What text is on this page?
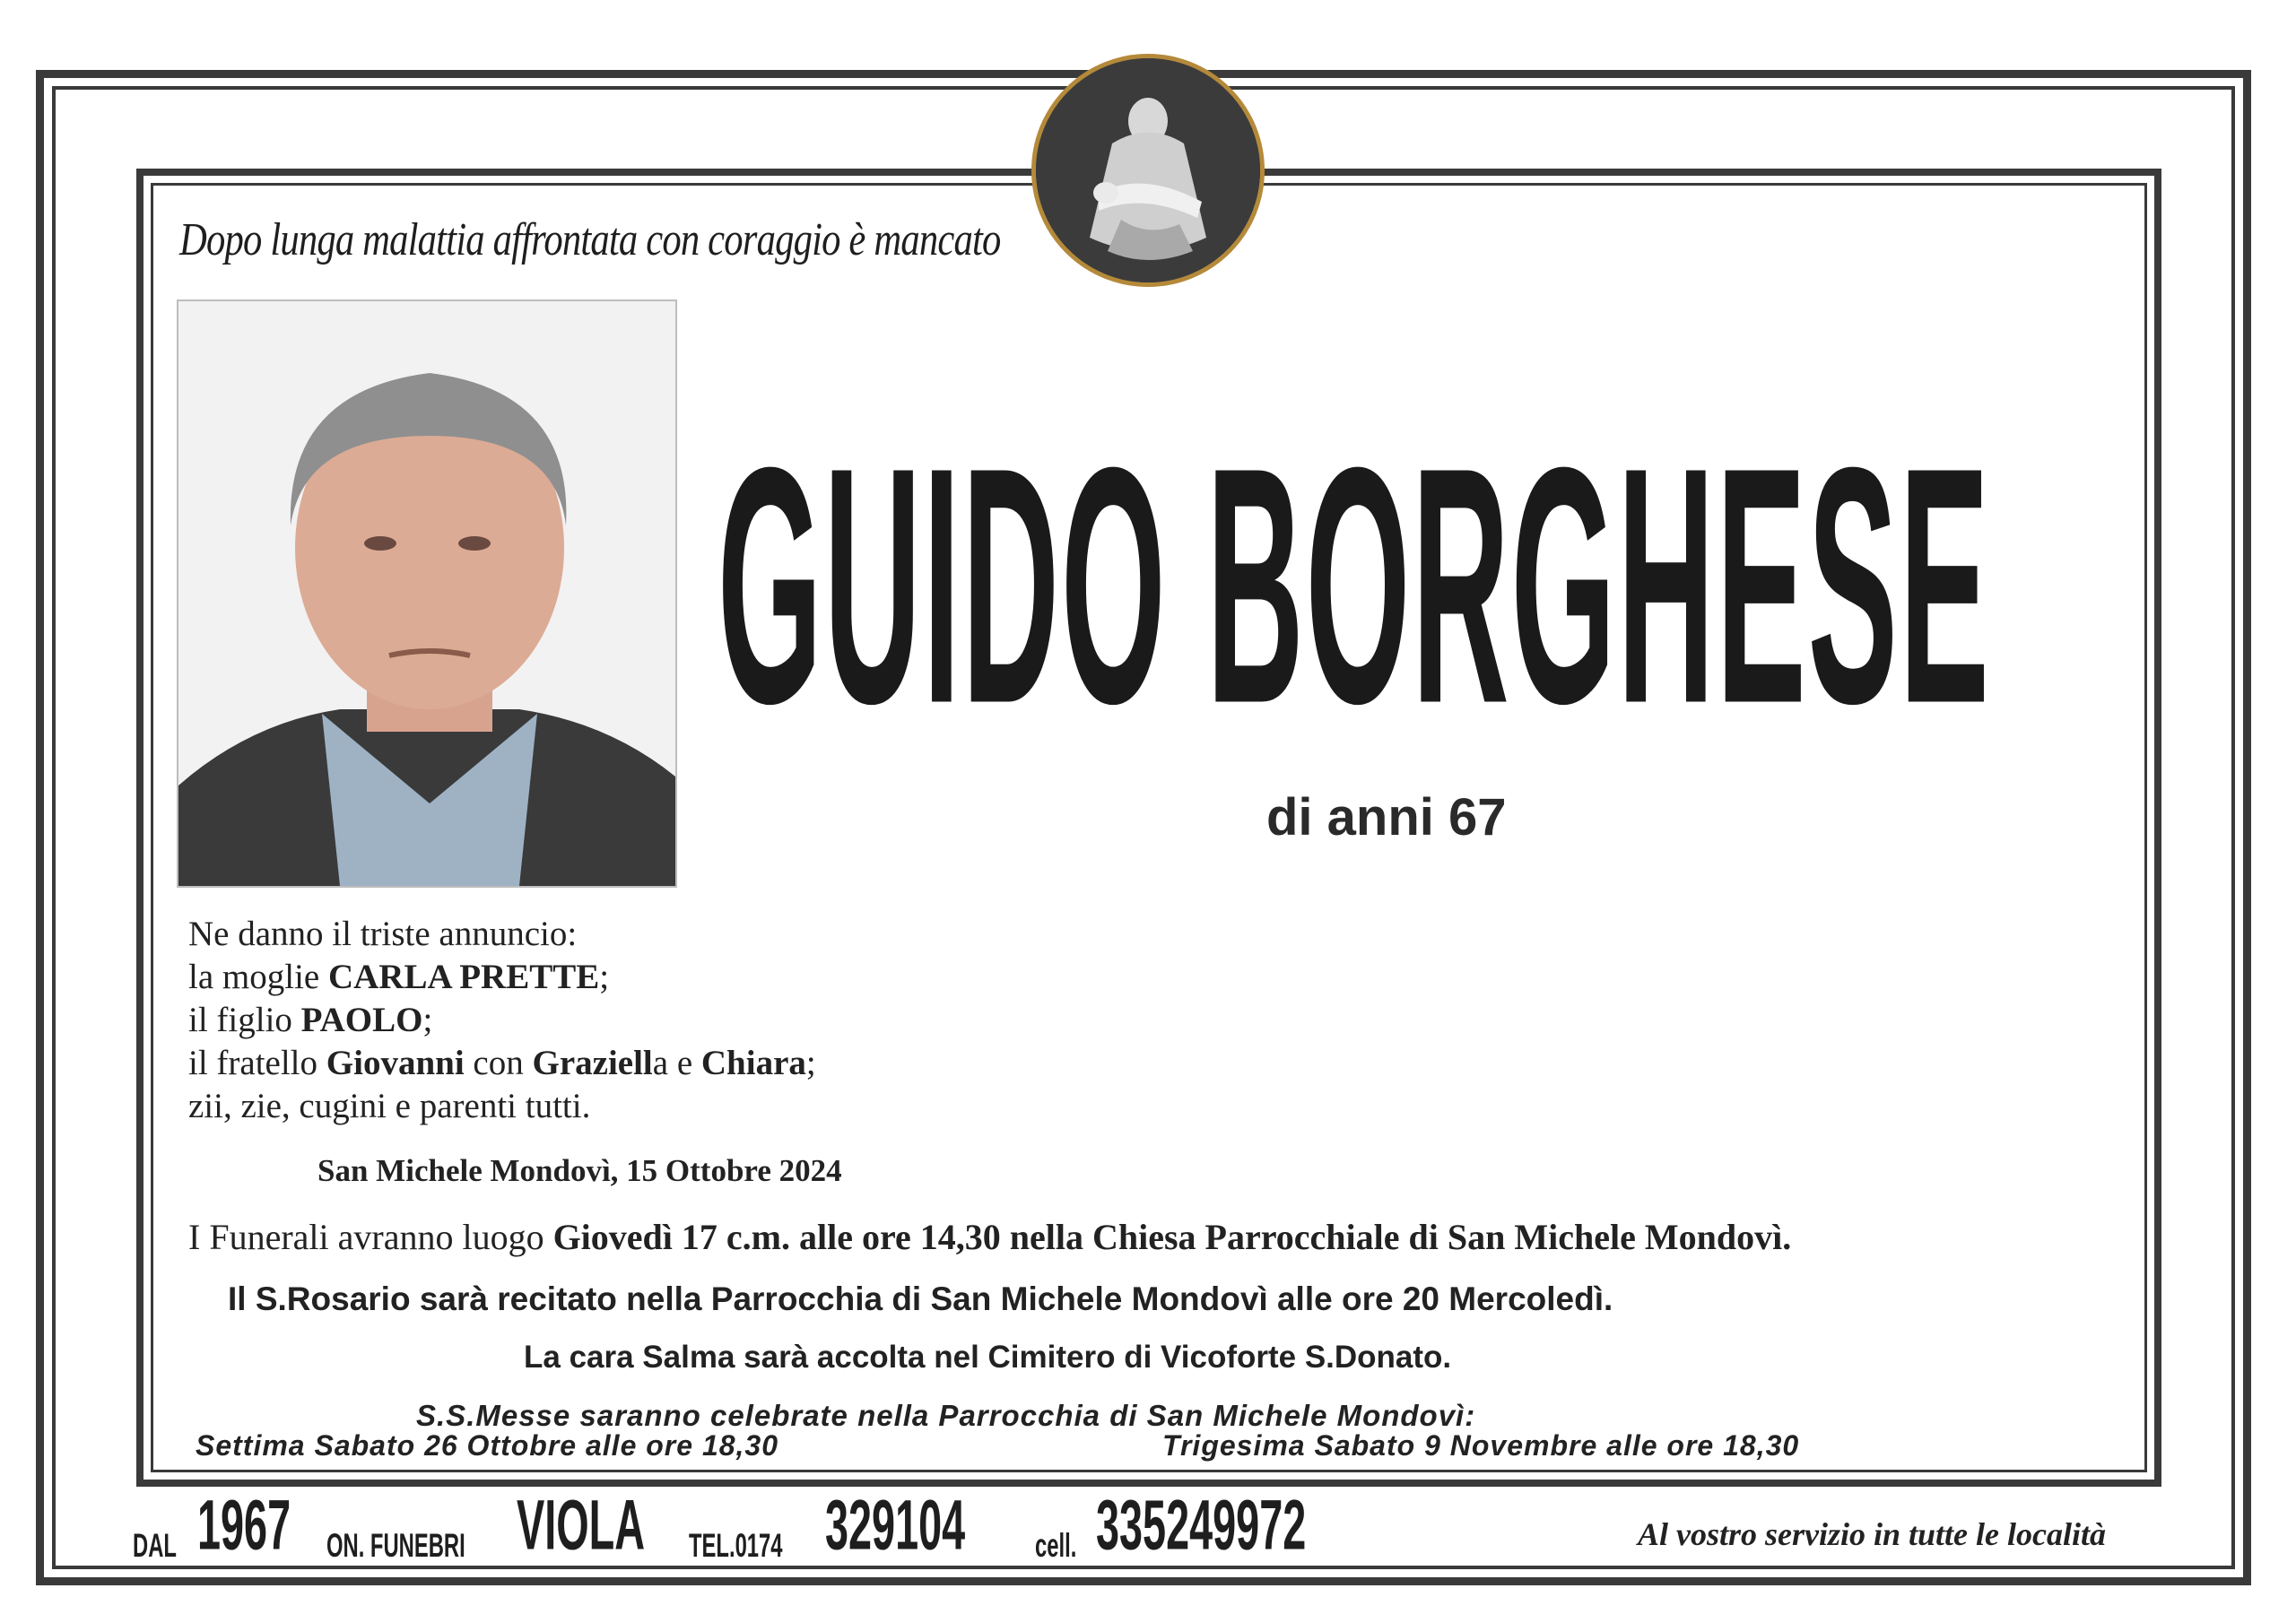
Dopo lunga malattia affrontata con coraggio è mancato
GUIDO BORGHESE
di anni 67
Ne danno il triste annuncio:
la moglie CARLA PRETTE;
il figlio PAOLO;
il fratello Giovanni con Graziella e Chiara;
zii, zie, cugini e parenti tutti.
San Michele Mondovì, 15 Ottobre 2024
I Funerali avranno luogo Giovedì 17 c.m. alle ore 14,30 nella Chiesa Parrocchiale di San Michele Mondovì.
Il S.Rosario sarà recitato nella Parrocchia di San Michele Mondovì alle ore 20 Mercoledì.
La cara Salma sarà accolta nel Cimitero di Vicoforte S.Donato.
S.S.Messe saranno celebrate nella Parrocchia di San Michele Mondovì:
Settima Sabato 26 Ottobre alle ore 18,30	Trigesima Sabato 9 Novembre alle ore 18,30
DAL 1967 ON. FUNEBRI VIOLA TEL.0174 329104 cell. 335249972	Al vostro servizio in tutte le località
